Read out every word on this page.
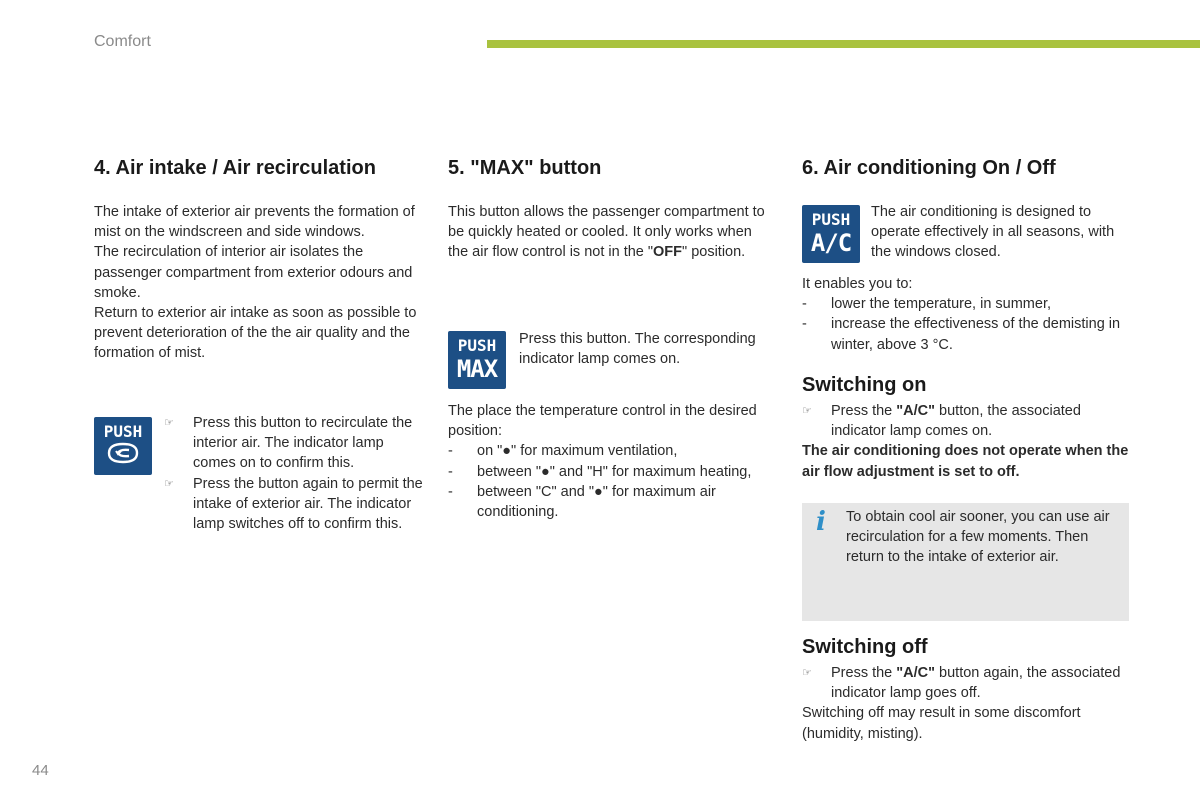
Comfort
4. Air intake / Air recirculation

The intake of exterior air prevents the formation of mist on the windscreen and side windows.

The recirculation of interior air isolates the passenger compartment from exterior odours and smoke.

Return to exterior air intake as soon as possible to prevent deterioration of the the air quality and the formation of mist.

PUSH
☞	Press this button to recirculate the interior air. The indicator lamp comes on to confirm this.
☞ Press the button again to permit the intake of exterior air. The indicator lamp switches off to confirm this.
5. "MAX" button

This button allows the passenger compartment to be quickly heated or cooled. It only works when the air flow control is not in the "OFF" position.

PUSH
MAX

Press this button. The corresponding indicator lamp comes on.

The place the temperature control in the desired position:

- on "●" for maximum ventilation,
- between "●" and "H" for maximum heating,
- between "C" and "●" for maximum air conditioning.
6. Air conditioning On / Off
PUSH
A/C

The air conditioning is designed to operate effectively in all seasons, with the windows closed.

It enables you to:

- lower the temperature, in summer,
- increase the effectiveness of the demisting in winter, above 3 °C.
Switching on
☞ Press the "A/C" button, the associated indicator lamp comes on.

The air conditioning does not operate when the air flow adjustment is set to off.

i To obtain cool air sooner, you can use air recirculation for a few moments. Then return to the intake of exterior air.

Switching off
☞ Press the "A/C" button again, the associated indicator lamp goes off.

Switching off may result in some discomfort (humidity, misting).

44
